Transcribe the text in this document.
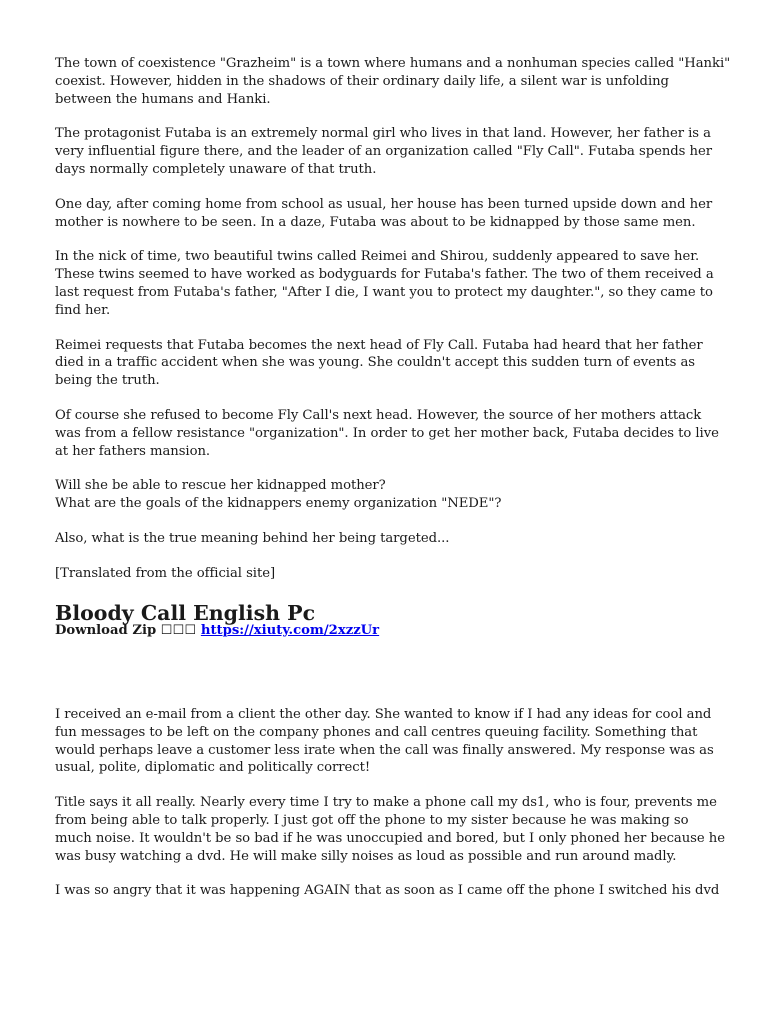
The town of coexistence "Grazheim" is a town where humans and a nonhuman species called "Hanki"
coexist. However, hidden in the shadows of their ordinary daily life, a silent war is unfolding
between the humans and Hanki.

The protagonist Futaba is an extremely normal girl who lives in that land. However, her father is a
very influential figure there, and the leader of an organization called "Fly Call". Futaba spends her
days normally completely unaware of that truth.

One day, after coming home from school as usual, her house has been turned upside down and her
mother is nowhere to be seen. In a daze, Futaba was about to be kidnapped by those same men.

In the nick of time, two beautiful twins called Reimei and Shirou, suddenly appeared to save her.
These twins seemed to have worked as bodyguards for Futaba's father. The two of them received a
last request from Futaba's father, "After I die, I want you to protect my daughter.", so they came to
find her.

Reimei requests that Futaba becomes the next head of Fly Call. Futaba had heard that her father
died in a traffic accident when she was young. She couldn't accept this sudden turn of events as
being the truth.

Of course she refused to become Fly Call's next head. However, the source of her mothers attack
was from a fellow resistance "organization". In order to get her mother back, Futaba decides to live
at her fathers mansion.

Will she be able to rescue her kidnapped mother?
What are the goals of the kidnappers enemy organization "NEDE"?

Also, what is the true meaning behind her being targeted...

[Translated from the official site]

Bloody Call English Pc
Download Zip ☐☐☐ https://xiuty.com/2xzzUr

I received an e-mail from a client the other day. She wanted to know if I had any ideas for cool and
fun messages to be left on the company phones and call centres queuing facility. Something that
would perhaps leave a customer less irate when the call was finally answered. My response was as
usual, polite, diplomatic and politically correct!

Title says it all really. Nearly every time I try to make a phone call my ds1, who is four, prevents me
from being able to talk properly. I just got off the phone to my sister because he was making so
much noise. It wouldn't be so bad if he was unoccupied and bored, but I only phoned her because he
was busy watching a dvd. He will make silly noises as loud as possible and run around madly.

I was so angry that it was happening AGAIN that as soon as I came off the phone I switched his dvd
